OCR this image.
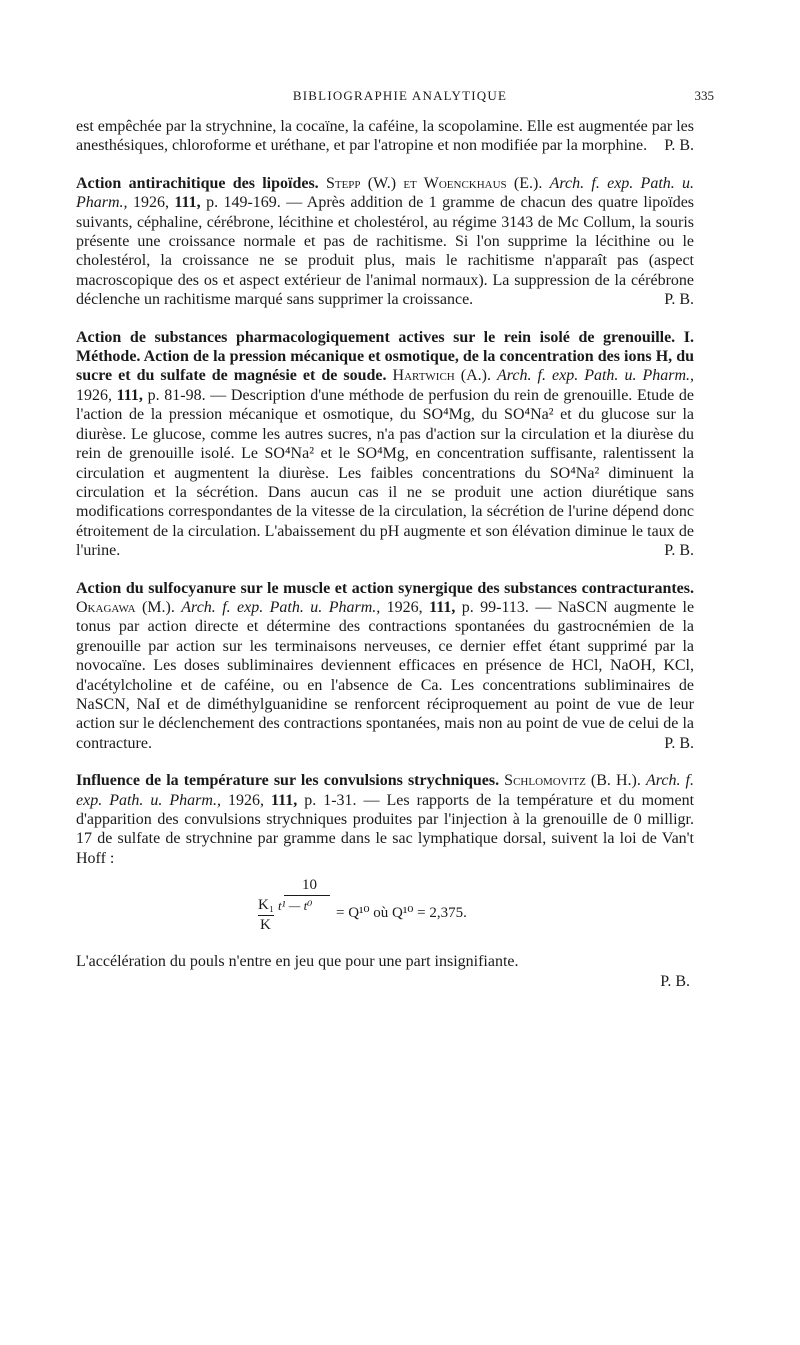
BIBLIOGRAPHIE ANALYTIQUE	335

est empêchée par la strychnine, la cocaïne, la caféine, la scopolamine. Elle est augmentée par les anesthésiques, chloroforme et uréthane, et par l'atropine et non modifiée par la morphine. P. B.

Action antirachitique des lipoïdes. Stepp (W.) et Woenckhaus (E.). Arch. f. exp. Path. u. Pharm., 1926, 111, p. 149-169. — Après addition de 1 gramme de chacun des quatre lipoïdes suivants, céphaline, cérébrone, lécithine et cholestérol, au régime 3143 de Mc Collum, la souris présente une croissance normale et pas de rachitisme. Si l'on supprime la lécithine ou le cholestérol, la croissance ne se produit plus, mais le rachitisme n'apparaît pas (aspect macroscopique des os et aspect extérieur de l'animal normaux). La suppression de la cérébrone déclenche un rachitisme marqué sans supprimer la croissance.	P. B.

Action de substances pharmacologiquement actives sur le rein isolé de grenouille. I. Méthode. Action de la pression mécanique et osmotique, de la concentration des ions H, du sucre et du sulfate de magnésie et de soude. Hartwich (A.). Arch. f. exp. Path. u. Pharm., 1926, 111, p. 81-98. — Description d'une méthode de perfusion du rein de grenouille. Etude de l'action de la pression mécanique et osmotique, du SO⁴Mg, du SO⁴Na² et du glucose sur la diurèse. Le glucose, comme les autres sucres, n'a pas d'action sur la circulation et la diurèse du rein de grenouille isolé. Le SO⁴Na² et le SO⁴Mg, en concentration suffisante, ralentissent la circulation et augmentent la diurèse. Les faibles concentrations du SO⁴Na² diminuent la circulation et la sécrétion. Dans aucun cas il ne se produit une action diurétique sans modifications correspondantes de la vitesse de la circulation, la sécrétion de l'urine dépend donc étroitement de la circulation. L'abaissement du pH augmente et son élévation diminue le taux de l'urine.	P. B.

Action du sulfocyanure sur le muscle et action synergique des substances contracturantes. Okagawa (M.). Arch. f. exp. Path. u. Pharm., 1926, 111, p. 99-113. — NaSCN augmente le tonus par action directe et détermine des contractions spontanées du gastrocnémien de la grenouille par action sur les terminaisons nerveuses, ce dernier effet étant supprimé par la novocaïne. Les doses subliminaires deviennent efficaces en présence de HCl, NaOH, KCl, d'acétylcholine et de caféine, ou en l'absence de Ca. Les concentrations subliminaires de NaSCN, NaI et de diméthylguanidine se renforcent réciproquement au point de vue de leur action sur le déclenchement des contractions spontanées, mais non au point de vue de celui de la contracture.	P. B.

Influence de la température sur les convulsions strychniques. Schlomovitz (B. H.). Arch. f. exp. Path. u. Pharm., 1926, 111, p. 1-31. — Les rapports de la température et du moment d'apparition des convulsions strychniques produites par l'injection à la grenouille de 0 milligr. 17 de sulfate de strychnine par gramme dans le sac lymphatique dorsal, suivent la loi de Van't Hoff :

10
K₁ t¹ — t⁰
K
= Q¹⁰ où Q¹⁰ = 2,375.

L'accélération du pouls n'entre en jeu que pour une part insignifiante.

P. B.
